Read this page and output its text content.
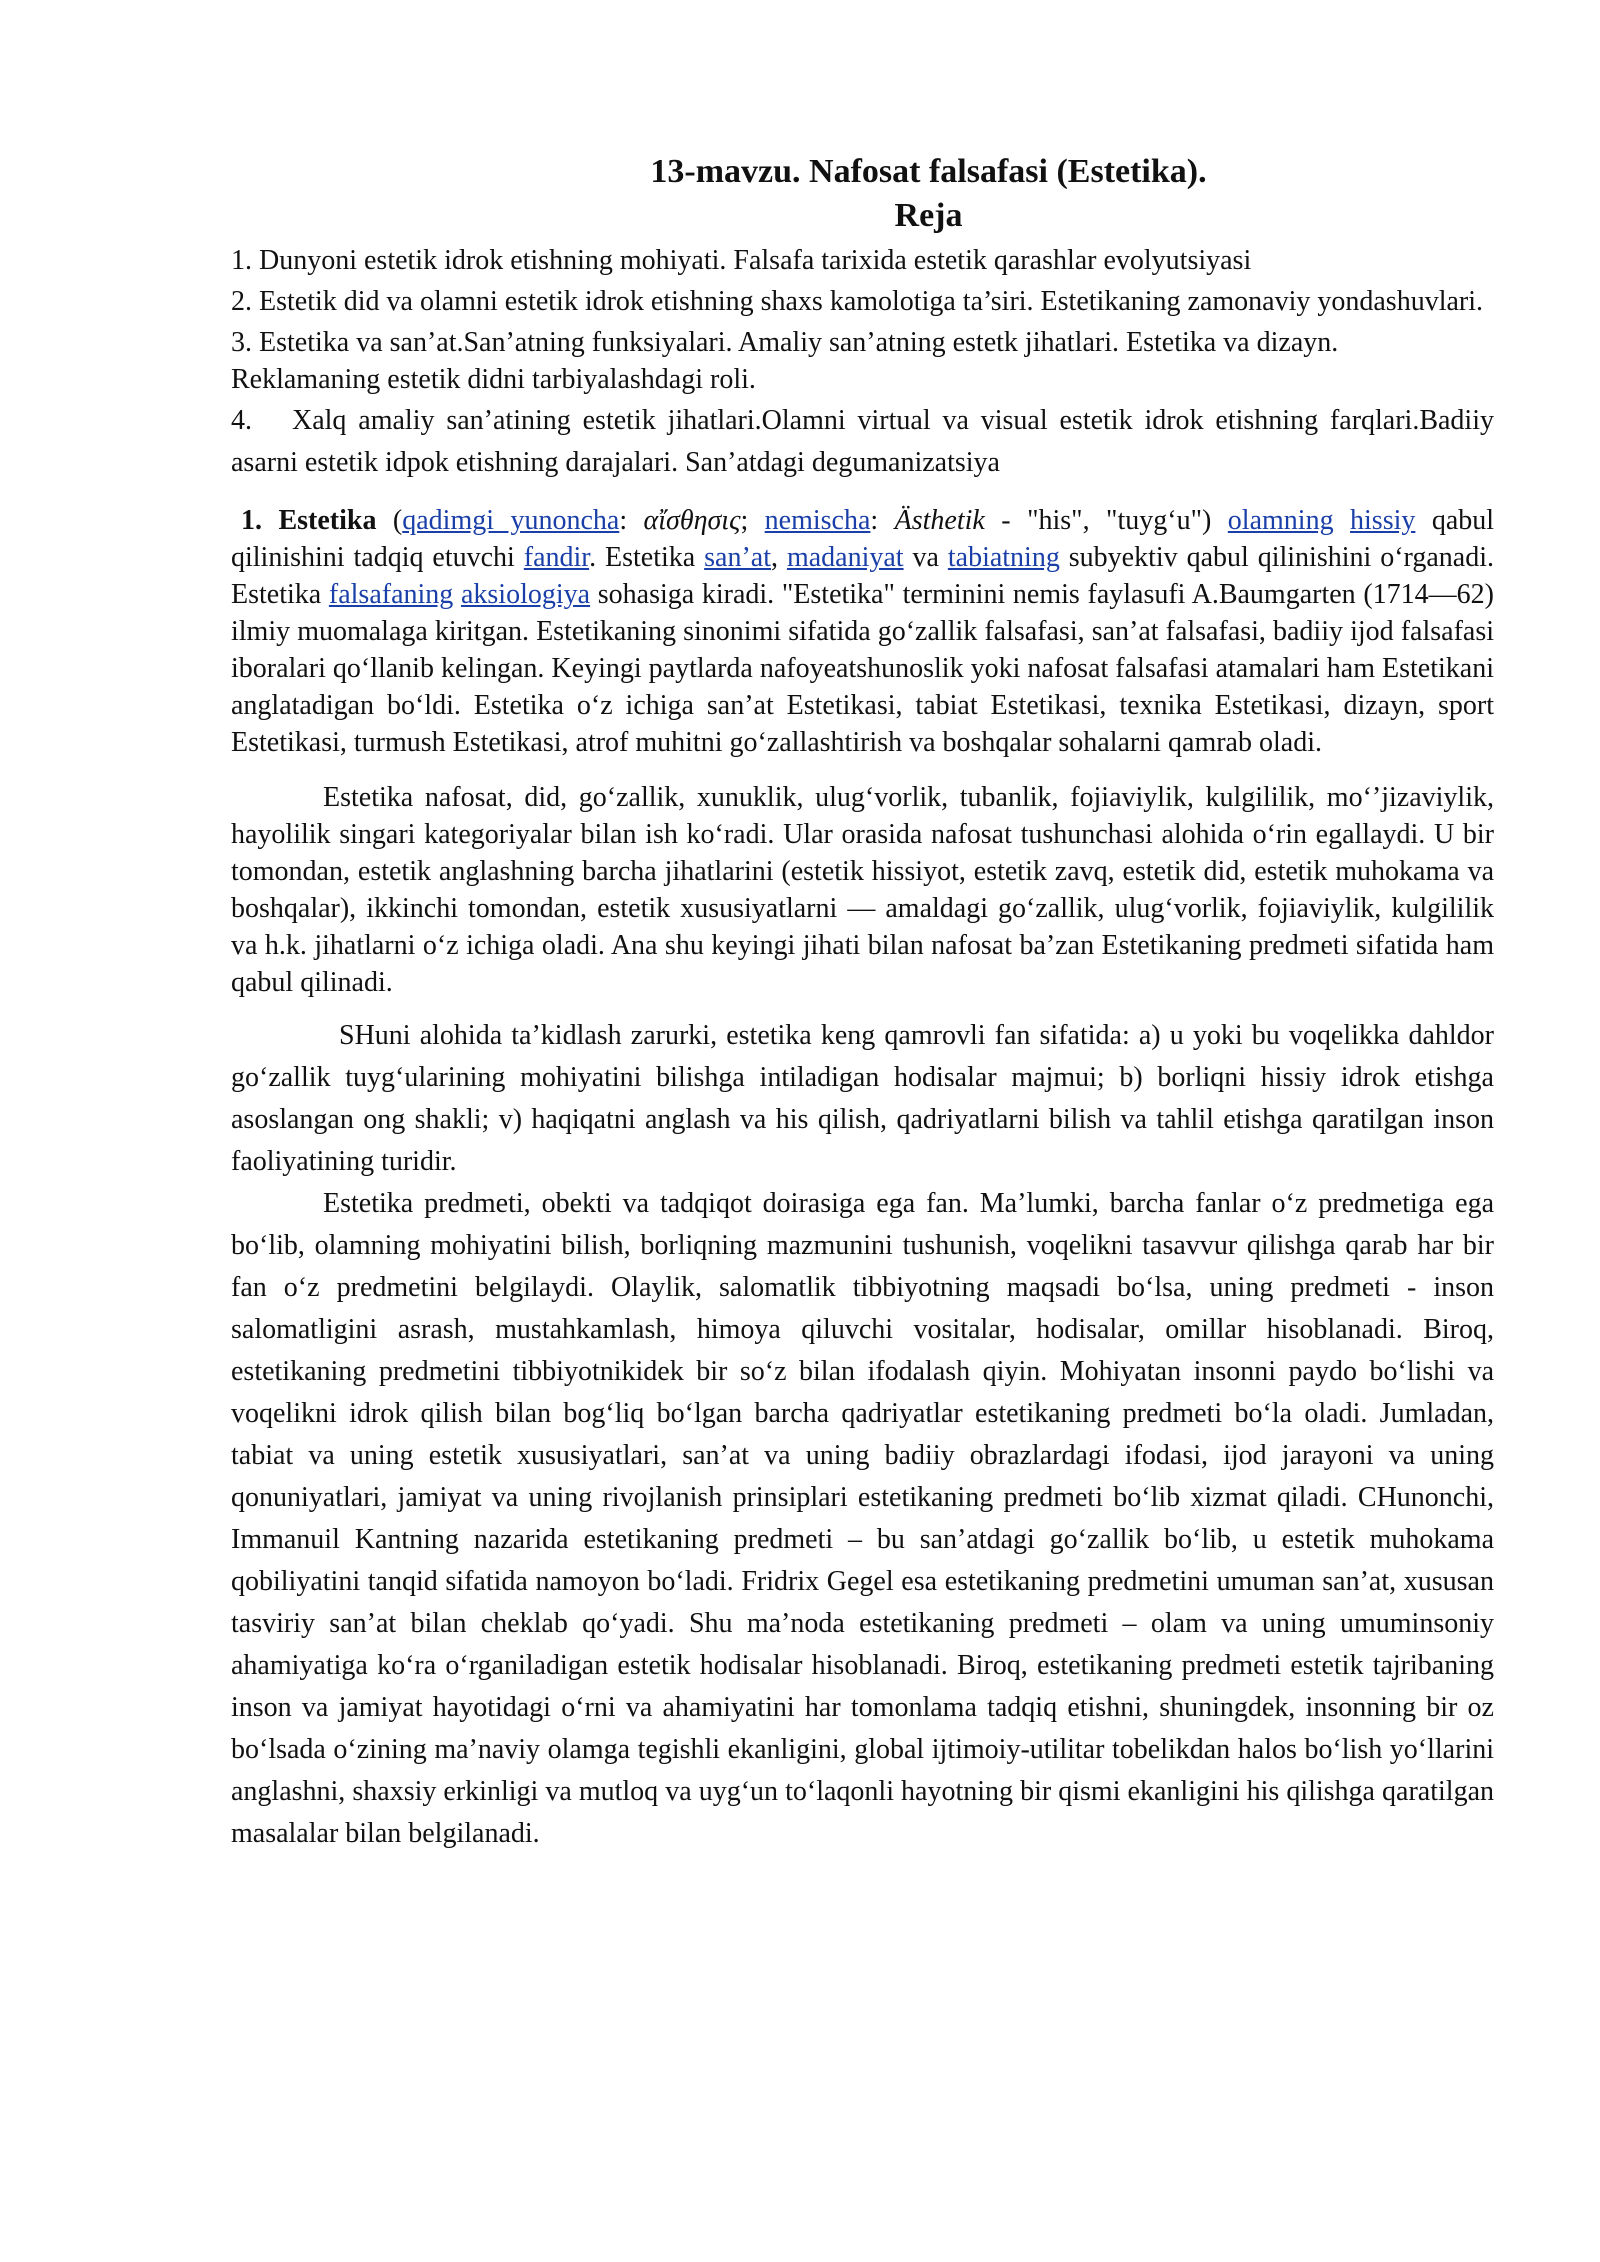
13-mavzu. Nafosat falsafasi (Estetika).
Reja
1. Dunyoni estetik idrok etishning mohiyati. Falsafa tarixida estetik qarashlar evolyutsiyasi
2. Estetik did va olamni estetik idrok etishning shaxs kamolotiga ta’siri. Estetikaning zamonaviy yondashuvlari.
3. Estetika va san’at.San’atning funksiyalari. Amaliy san’atning estetk jihatlari. Estetika va dizayn. Reklamaning estetik didni tarbiyalashdagi roli.
4. Xalq amaliy san’atining estetik jihatlari.Olamni virtual va visual estetik idrok etishning farqlari.Badiiy asarni estetik idpok etishning darajalari. San’atdagi degumanizatsiya

1. Estetika (qadimgi yunoncha: αἴσθησις; nemischa: Ästhetik - "his", "tuyg‘u") olamning hissiy qabul qilinishini tadqiq etuvchi fandir. Estetika san’at, madaniyat va tabiatning subyektiv qabul qilinishini o‘rganadi. Estetika falsafaning aksiologiya sohasiga kiradi. "Estetika" terminini nemis faylasufi A.Baumgarten (1714—62) ilmiy muomalaga kiritgan. Estetikaning sinonimi sifatida go‘zallik falsafasi, san’at falsafasi, badiiy ijod falsafasi iboralari qo‘llanib kelingan. Keyingi paytlarda nafoyeatshunoslik yoki nafosat falsafasi atamalari ham Estetikani anglatadigan bo‘ldi. Estetika o‘z ichiga san’at Estetikasi, tabiat Estetikasi, texnika Estetikasi, dizayn, sport Estetikasi, turmush Estetikasi, atrof muhitni go‘zallashtirish va boshqalar sohalarni qamrab oladi.

Estetika nafosat, did, go‘zallik, xunuklik, ulug‘vorlik, tubanlik, fojiaviylik, kulgililik, mo‘’jizaviylik, hayolilik singari kategoriyalar bilan ish ko‘radi. Ular orasida nafosat tushunchasi alohida o‘rin egallaydi. U bir tomondan, estetik anglashning barcha jihatlarini (estetik hissiyot, estetik zavq, estetik did, estetik muhokama va boshqalar), ikkinchi tomondan, estetik xususiyatlarni — amaldagi go‘zallik, ulug‘vorlik, fojiaviylik, kulgililik va h.k. jihatlarni o‘z ichiga oladi. Ana shu keyingi jihati bilan nafosat ba’zan Estetikaning predmeti sifatida ham qabul qilinadi.

SHuni alohida ta’kidlash zarurki, estetika keng qamrovli fan sifatida: a) u yoki bu voqelikka dahldor go‘zallik tuyg‘ularining mohiyatini bilishga intiladigan hodisalar majmui; b) borliqni hissiy idrok etishga asoslangan ong shakli; v) haqiqatni anglash va his qilish, qadriyatlarni bilish va tahlil etishga qaratilgan inson faoliyatining turidir.

Estetika predmeti, obekti va tadqiqot doirasiga ega fan. Ma’lumki, barcha fanlar o‘z predmetiga ega bo‘lib, olamning mohiyatini bilish, borliqning mazmunini tushunish, voqelikni tasavvur qilishga qarab har bir fan o‘z predmetini belgilaydi. Olaylik, salomatlik tibbiyotning maqsadi bo‘lsa, uning predmeti - inson salomatligini asrash, mustahkamlash, himoya qiluvchi vositalar, hodisalar, omillar hisoblanadi. Biroq, estetikaning predmetini tibbiyotnikidek bir so‘z bilan ifodalash qiyin. Mohiyatan insonni paydo bo‘lishi va voqelikni idrok qilish bilan bog‘liq bo‘lgan barcha qadriyatlar estetikaning predmeti bo‘la oladi. Jumladan, tabiat va uning estetik xususiyatlari, san’at va uning badiiy obrazlardagi ifodasi, ijod jarayoni va uning qonuniyatlari, jamiyat va uning rivojlanish prinsiplari estetikaning predmeti bo‘lib xizmat qiladi. CHunonchi, Immanuil Kantning nazarida estetikaning predmeti – bu san’atdagi go‘zallik bo‘lib, u estetik muhokama qobiliyatini tanqid sifatida namoyon bo‘ladi. Fridrix Gegel esa estetikaning predmetini umuman san’at, xususan tasviriy san’at bilan cheklab qo‘yadi. Shu ma’noda estetikaning predmeti – olam va uning umuminsoniy ahamiyatiga ko‘ra o‘rganiladigan estetik hodisalar hisoblanadi. Biroq, estetikaning predmeti estetik tajribaning inson va jamiyat hayotidagi o‘rni va ahamiyatini har tomonlama tadqiq etishni, shuningdek, insonning bir oz bo‘lsada o‘zining ma’naviy olamga tegishli ekanligini, global ijtimoiy-utilitar tobelikdan halos bo‘lish yo‘llarini anglashni, shaxsiy erkinligi va mutloq va uyg‘un to‘laqonli hayotning bir qismi ekanligini his qilishga qaratilgan masalalar bilan belgilanadi.
